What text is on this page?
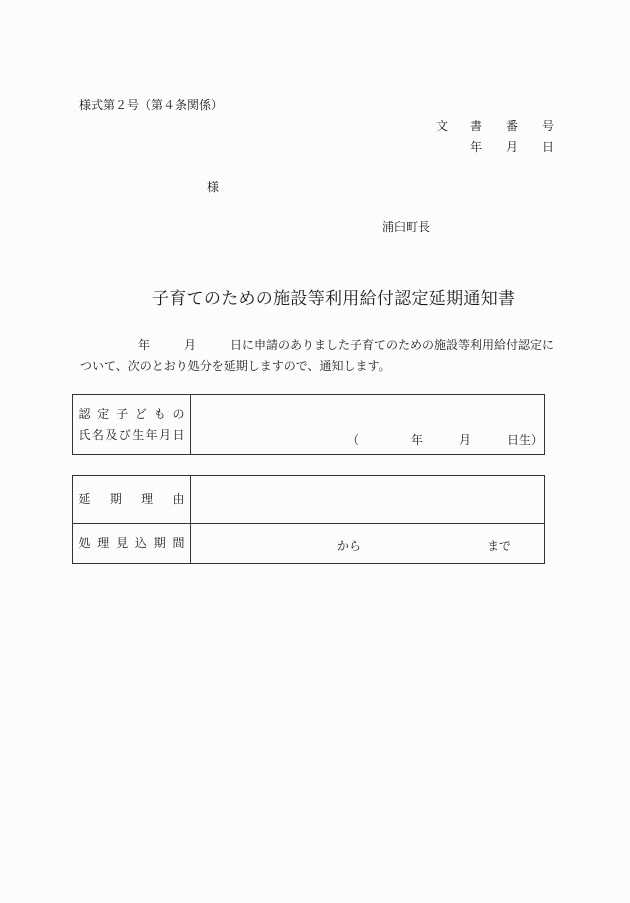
様式第２号（第４条関係）
文 書 番 号
年 月 日
様
浦臼町長
子育てのための施設等利用給付認定延期通知書
年	月	日に申請のありました子育てのための施設等利用給付認定に
ついて、次のとおり処分を延期しますので、通知します。
認定子どもの 氏名及び生年月日	（	年	月	日生）
延期理由	
処理見込期間	から まで
